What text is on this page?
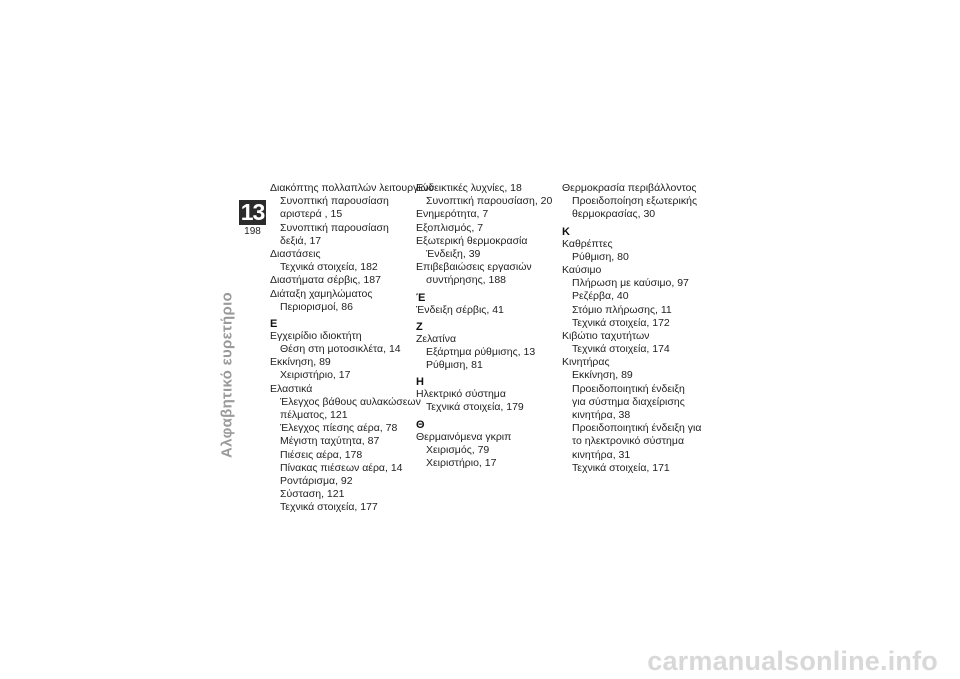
13
198
Αλφαβητικό ευρετήριο
Διακόπτης πολλαπλών λειτουργιών
Συνοπτική παρουσίαση
αριστερά , 15
Συνοπτική παρουσίαση
δεξιά, 17
Διαστάσεις
Τεχνικά στοιχεία, 182
Διαστήματα σέρβις, 187
Διάταξη χαμηλώματος
Περιορισμοί, 86
E
Εγχειρίδιο ιδιοκτήτη
Θέση στη μοτοσικλέτα, 14
Εκκίνηση, 89
Χειριστήριο, 17
Ελαστικά
Έλεγχος βάθους αυλακώσεων
πέλματος, 121
Έλεγχος πίεσης αέρα, 78
Μέγιστη ταχύτητα, 87
Πιέσεις αέρα, 178
Πίνακας πιέσεων αέρα, 14
Ροντάρισμα, 92
Σύσταση, 121
Τεχνικά στοιχεία, 177
Ενδεικτικές λυχνίες, 18
Συνοπτική παρουσίαση, 20
Ενημερότητα, 7
Εξοπλισμός, 7
Εξωτερική θερμοκρασία
Ένδειξη, 39
Επιβεβαιώσεις εργασιών
συντήρησης, 188
Έ
Ένδειξη σέρβις, 41
Z
Ζελατίνα
Εξάρτημα ρύθμισης, 13
Ρύθμιση, 81
H
Ηλεκτρικό σύστημα
Τεχνικά στοιχεία, 179
Θ
Θερμαινόμενα γκριπ
Χειρισμός, 79
Χειριστήριο, 17
Θερμοκρασία περιβάλλοντος
Προειδοποίηση εξωτερικής
θερμοκρασίας, 30
K
Καθρέπτες
Ρύθμιση, 80
Καύσιμο
Πλήρωση με καύσιμο, 97
Ρεζέρβα, 40
Στόμιο πλήρωσης, 11
Τεχνικά στοιχεία, 172
Κιβώτιο ταχυτήτων
Τεχνικά στοιχεία, 174
Κινητήρας
Εκκίνηση, 89
Προειδοποιητική ένδειξη
για σύστημα διαχείρισης
κινητήρα, 38
Προειδοποιητική ένδειξη για
το ηλεκτρονικό σύστημα
κινητήρα, 31
Τεχνικά στοιχεία, 171
carmanualsonline.info
